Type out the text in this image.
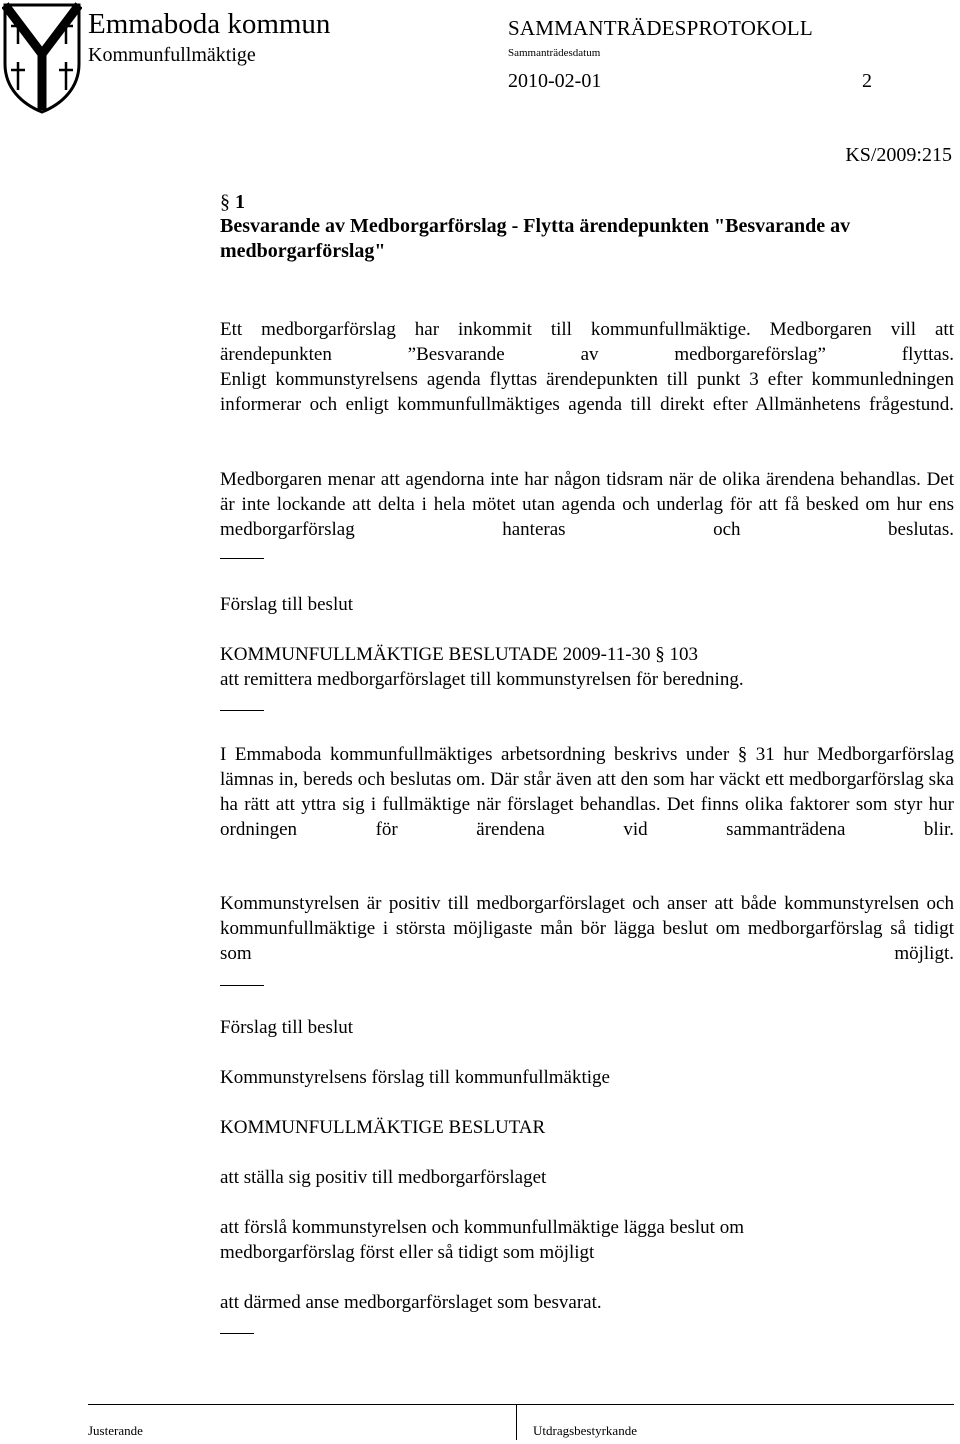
Emmaboda kommun
Kommunfullmäktige
SAMMANTRÄDESPROTOKOLL
Sammanträdesdatum
2010-02-01	2
KS/2009:215
§ 1
Besvarande av Medborgarförslag - Flytta ärendepunkten "Besvarande av medborgarförslag"
Ett medborgarförslag har inkommit till kommunfullmäktige. Medborgaren vill att ärendepunkten ”Besvarande av medborgareförslag” flyttas.
Enligt kommunstyrelsens agenda flyttas ärendepunkten till punkt 3 efter kommunledningen informerar och enligt kommunfullmäktiges agenda till direkt efter Allmänhetens frågestund.
Medborgaren menar att agendorna inte har någon tidsram när de olika ärendena behandlas. Det är inte lockande att delta i hela mötet utan agenda och underlag för att få besked om hur ens medborgarförslag hanteras och beslutas.
Förslag till beslut
KOMMUNFULLMÄKTIGE BESLUTADE 2009-11-30 § 103
att remittera medborgarförslaget till kommunstyrelsen för beredning.
I Emmaboda kommunfullmäktiges arbetsordning beskrivs under § 31 hur Medborgarförslag lämnas in, bereds och beslutas om. Där står även att den som har väckt ett medborgarförslag ska ha rätt att yttra sig i fullmäktige när förslaget behandlas. Det finns olika faktorer som styr hur ordningen för ärendena vid sammanträdena blir.
Kommunstyrelsen är positiv till medborgarförslaget och anser att både kommunstyrelsen och kommunfullmäktige i största möjligaste mån bör lägga beslut om medborgarförslag så tidigt som möjligt.
Förslag till beslut
Kommunstyrelsens förslag till kommunfullmäktige
KOMMUNFULLMÄKTIGE BESLUTAR
att ställa sig positiv till medborgarförslaget
att förslå kommunstyrelsen och kommunfullmäktige lägga beslut om medborgarförslag först eller så tidigt som möjligt
att därmed anse medborgarförslaget som besvarat.
Justerande	Utdragsbestyrkande
